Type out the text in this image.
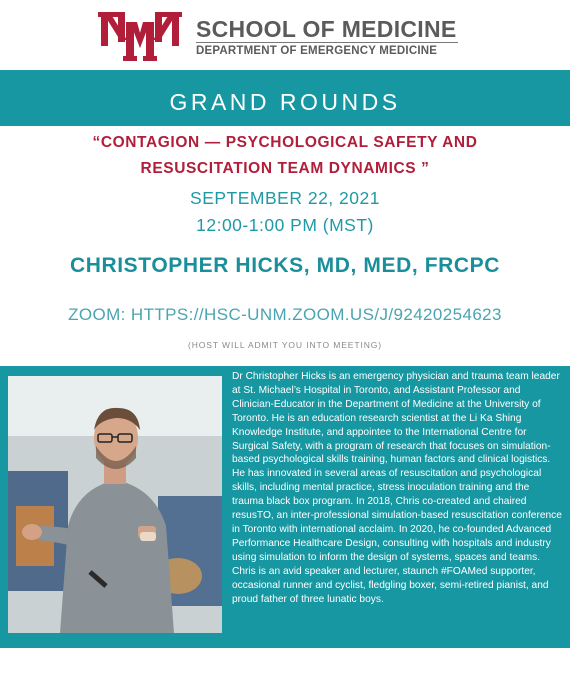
SCHOOL OF MEDICINE
DEPARTMENT OF EMERGENCY MEDICINE
GRAND ROUNDS
“CONTAGION — PSYCHOLOGICAL SAFETY AND
RESUSCITATION TEAM DYNAMICS ”
SEPTEMBER 22, 2021
12:00-1:00 PM (MST)
CHRISTOPHER HICKS, MD, MED, FRCPC
ZOOM: HTTPS://HSC-UNM.ZOOM.US/J/92420254623
(HOST WILL ADMIT YOU INTO MEETING)
Dr Christopher Hicks is an emergency physician and trauma team leader at St. Michael’s Hospital in Toronto, and Assistant Professor and Clinician-Educator in the Department of Medicine at the University of Toronto. He is an education research scientist at the Li Ka Shing Knowledge Institute, and appointee to the International Centre for Surgical Safety, with a program of research that focuses on simulation-based psychological skills training, human factors and clinical logistics. He has innovated in several areas of resuscitation and psychological skills, including mental practice, stress inoculation training and the trauma black box program. In 2018, Chris co-created and chaired resusTO, an inter-professional simulation-based resuscitation conference in Toronto with international acclaim. In 2020, he co-founded Advanced Performance Healthcare Design, consulting with hospitals and industry using simulation to inform the design of systems, spaces and teams. Chris is an avid speaker and lecturer, staunch #FOAMed supporter, occasional runner and cyclist, fledgling boxer, semi-retired pianist, and proud father of three lunatic boys.
